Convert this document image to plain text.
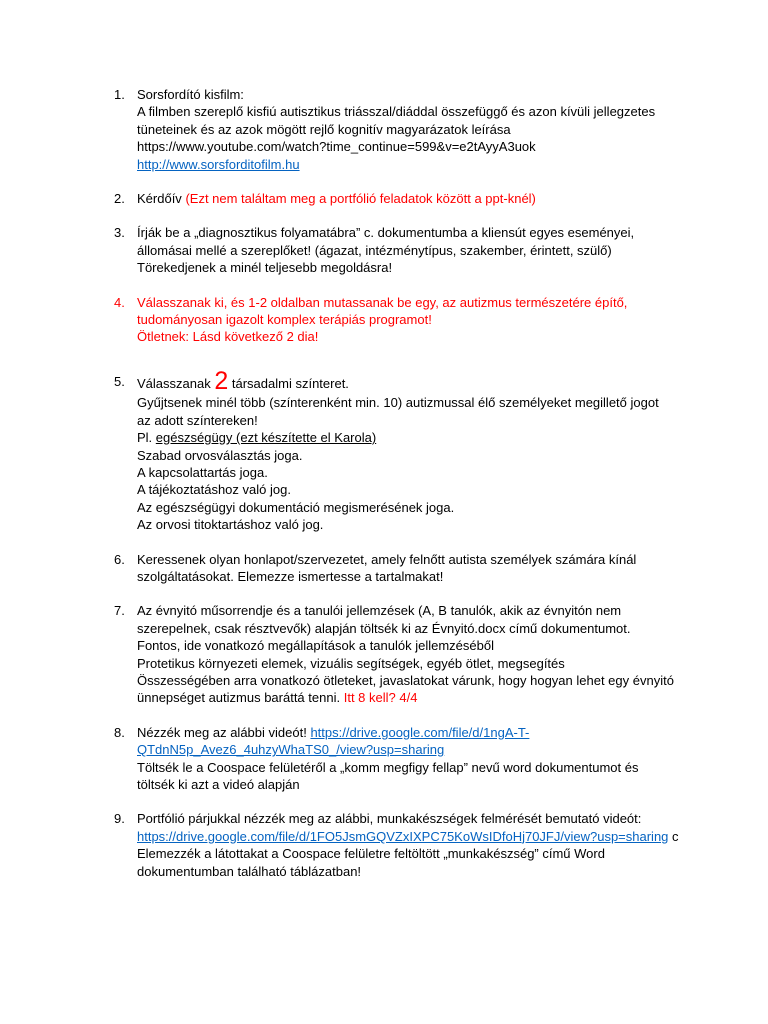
1. Sorsfordító kisfilm:
A filmben szereplő kisfiú autisztikus triásszal/diáddal összefüggő és azon kívüli jellegzetes
tüneteinek és az azok mögött rejlő kognitív magyarázatok leírása
https://www.youtube.com/watch?time_continue=599&v=e2tAyyA3uok
http://www.sorsforditofilm.hu
2. Kérdőív (Ezt nem találtam meg a portfólió feladatok között a ppt-knél)
3. Írják be a „diagnosztikus folyamatábra” c. dokumentumba a kliensút egyes eseményei,
állomásai mellé a szereplőket! (ágazat, intézménytípus, szakember, érintett, szülő)
Törekedjenek a minél teljesebb megoldásra!
4. Válasszanak ki, és 1-2 oldalban mutassanak be egy, az autizmus természetére építő,
tudományosan igazolt komplex terápiás programot!
Ötletnek: Lásd következő 2 dia!
5. Válasszanak 2 társadalmi színteret.
Gyűjtsenek minél több (színterenként min. 10) autizmussal élő személyeket megillető jogot
az adott színtereken!
Pl. egészségügy (ezt készítette el Karola)
Szabad orvosválasztás joga.
A kapcsolattartás joga.
A tájékoztatáshoz való jog.
Az egészségügyi dokumentáció megismerésének joga.
Az orvosi titoktartáshoz való jog.
6. Keressenek olyan honlapot/szervezetet, amely felnőtt autista személyek számára kínál
szolgáltatásokat. Elemezze ismertesse a tartalmakat!
7. Az évnyitó műsorrendje és a tanulói jellemzések (A, B tanulók, akik az évnyitón nem
szerepelnek, csak résztvevők) alapján töltsék ki az Évnyitó.docx című dokumentumot.
Fontos, ide vonatkozó megállapítások a tanulók jellemzéséből
Protetikus környezeti elemek, vizuális segítségek, egyéb ötlet, megsegítés
Összességében arra vonatkozó ötleteket, javaslatokat várunk, hogy hogyan lehet egy évnyitó
ünnepséget autizmus baráttá tenni. Itt 8 kell? 4/4
8. Nézzék meg az alábbi videót! https://drive.google.com/file/d/1ngA-T-
QTdnN5p_Avez6_4uhzyWhaTS0_/view?usp=sharing
Töltsék le a Coospace felületéről a „komm megfigy fellap” nevű word dokumentumot és
töltsék ki azt a videó alapján
9. Portfólió párjukkal nézzék meg az alábbi, munkakészségek felmérését bemutató videót:
https://drive.google.com/file/d/1FO5JsmGQVZxIXPC75KoWsIDfoHj70JFJ/view?usp=sharing c
Elemezzék a látottakat a Coospace felületre feltöltött „munkakészség” című Word
dokumentumban található táblázatban!
